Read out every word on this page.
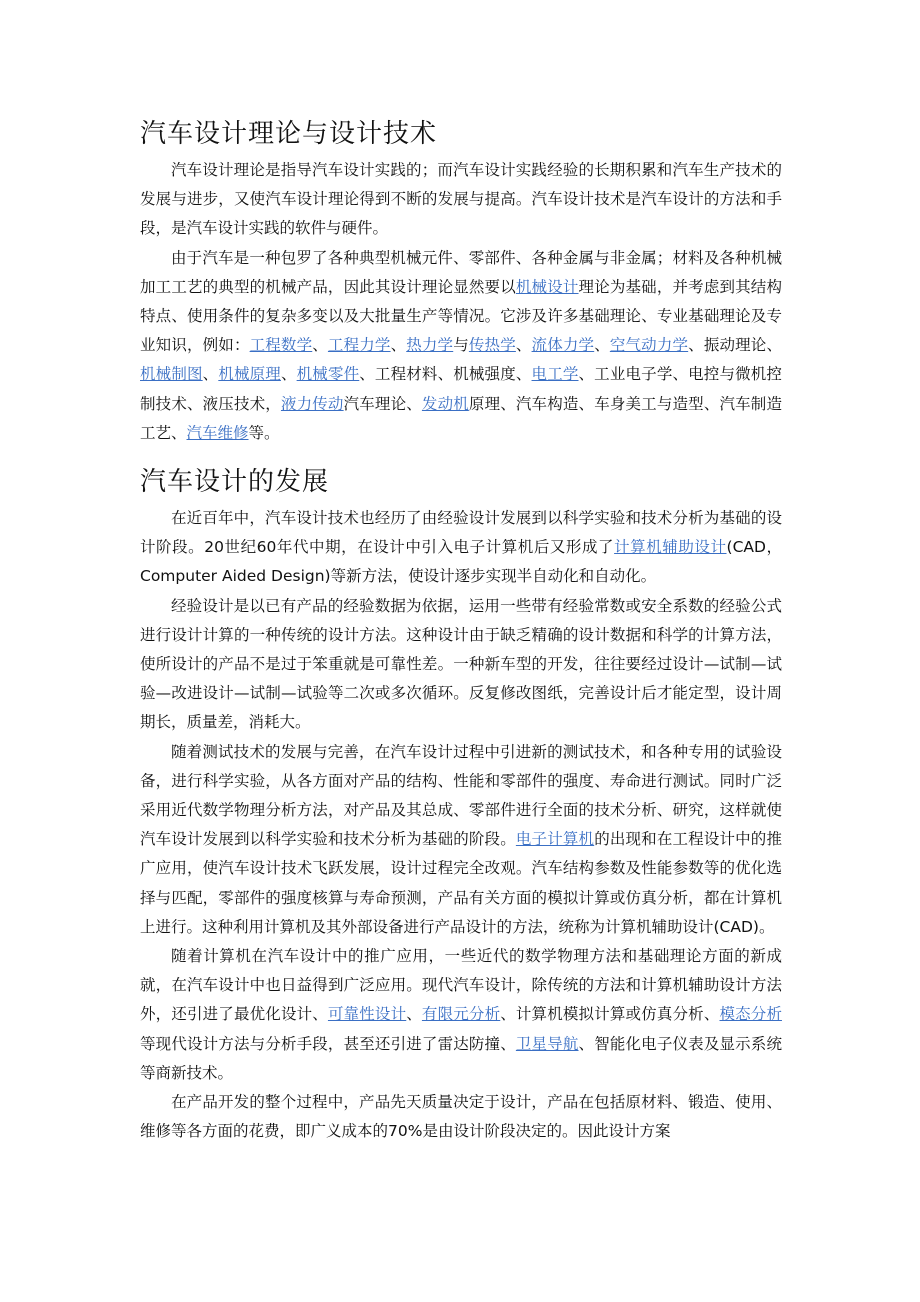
汽车设计理论与设计技术

汽车设计理论是指导汽车设计实践的；而汽车设计实践经验的长期积累和汽车生产技术的发展与进步，又使汽车设计理论得到不断的发展与提高。汽车设计技术是汽车设计的方法和手段，是汽车设计实践的软件与硬件。

由于汽车是一种包罗了各种典型机械元件、零部件、各种金属与非金属；材料及各种机械加工工艺的典型的机械产品，因此其设计理论显然要以机械设计理论为基础，并考虑到其结构特点、使用条件的复杂多变以及大批量生产等情况。它涉及许多基础理论、专业基础理论及专业知识，例如：工程数学、工程力学、热力学与传热学、流体力学、空气动力学、振动理论、机械制图、机械原理、机械零件、工程材料、机械强度、电工学、工业电子学、电控与微机控制技术、液压技术，液力传动汽车理论、发动机原理、汽车构造、车身美工与造型、汽车制造工艺、汽车维修等。

汽车设计的发展

在近百年中，汽车设计技术也经历了由经验设计发展到以科学实验和技术分析为基础的设计阶段。20世纪60年代中期，在设计中引入电子计算机后又形成了计算机辅助设计(CAD，Computer Aided Design)等新方法，使设计逐步实现半自动化和自动化。

经验设计是以已有产品的经验数据为依据，运用一些带有经验常数或安全系数的经验公式进行设计计算的一种传统的设计方法。这种设计由于缺乏精确的设计数据和科学的计算方法，使所设计的产品不是过于笨重就是可靠性差。一种新车型的开发，往往要经过设计—试制—试验—改进设计—试制—试验等二次或多次循环。反复修改图纸，完善设计后才能定型，设计周期长，质量差，消耗大。

随着测试技术的发展与完善，在汽车设计过程中引进新的测试技术，和各种专用的试验设备，进行科学实验，从各方面对产品的结构、性能和零部件的强度、寿命进行测试。同时广泛采用近代数学物理分析方法，对产品及其总成、零部件进行全面的技术分析、研究，这样就使汽车设计发展到以科学实验和技术分析为基础的阶段。电子计算机的出现和在工程设计中的推广应用，使汽车设计技术飞跃发展，设计过程完全改观。汽车结构参数及性能参数等的优化选择与匹配，零部件的强度核算与寿命预测，产品有关方面的模拟计算或仿真分析，都在计算机上进行。这种利用计算机及其外部设备进行产品设计的方法，统称为计算机辅助设计(CAD)。

随着计算机在汽车设计中的推广应用，一些近代的数学物理方法和基础理论方面的新成就，在汽车设计中也日益得到广泛应用。现代汽车设计，除传统的方法和计算机辅助设计方法外，还引进了最优化设计、可靠性设计、有限元分析、计算机模拟计算或仿真分析、模态分析等现代设计方法与分析手段，甚至还引进了雷达防撞、卫星导航、智能化电子仪表及显示系统等商新技术。

在产品开发的整个过程中，产品先天质量决定于设计，产品在包括原材料、锻造、使用、维修等各方面的花费，即广义成本的70%是由设计阶段决定的。因此设计方案
